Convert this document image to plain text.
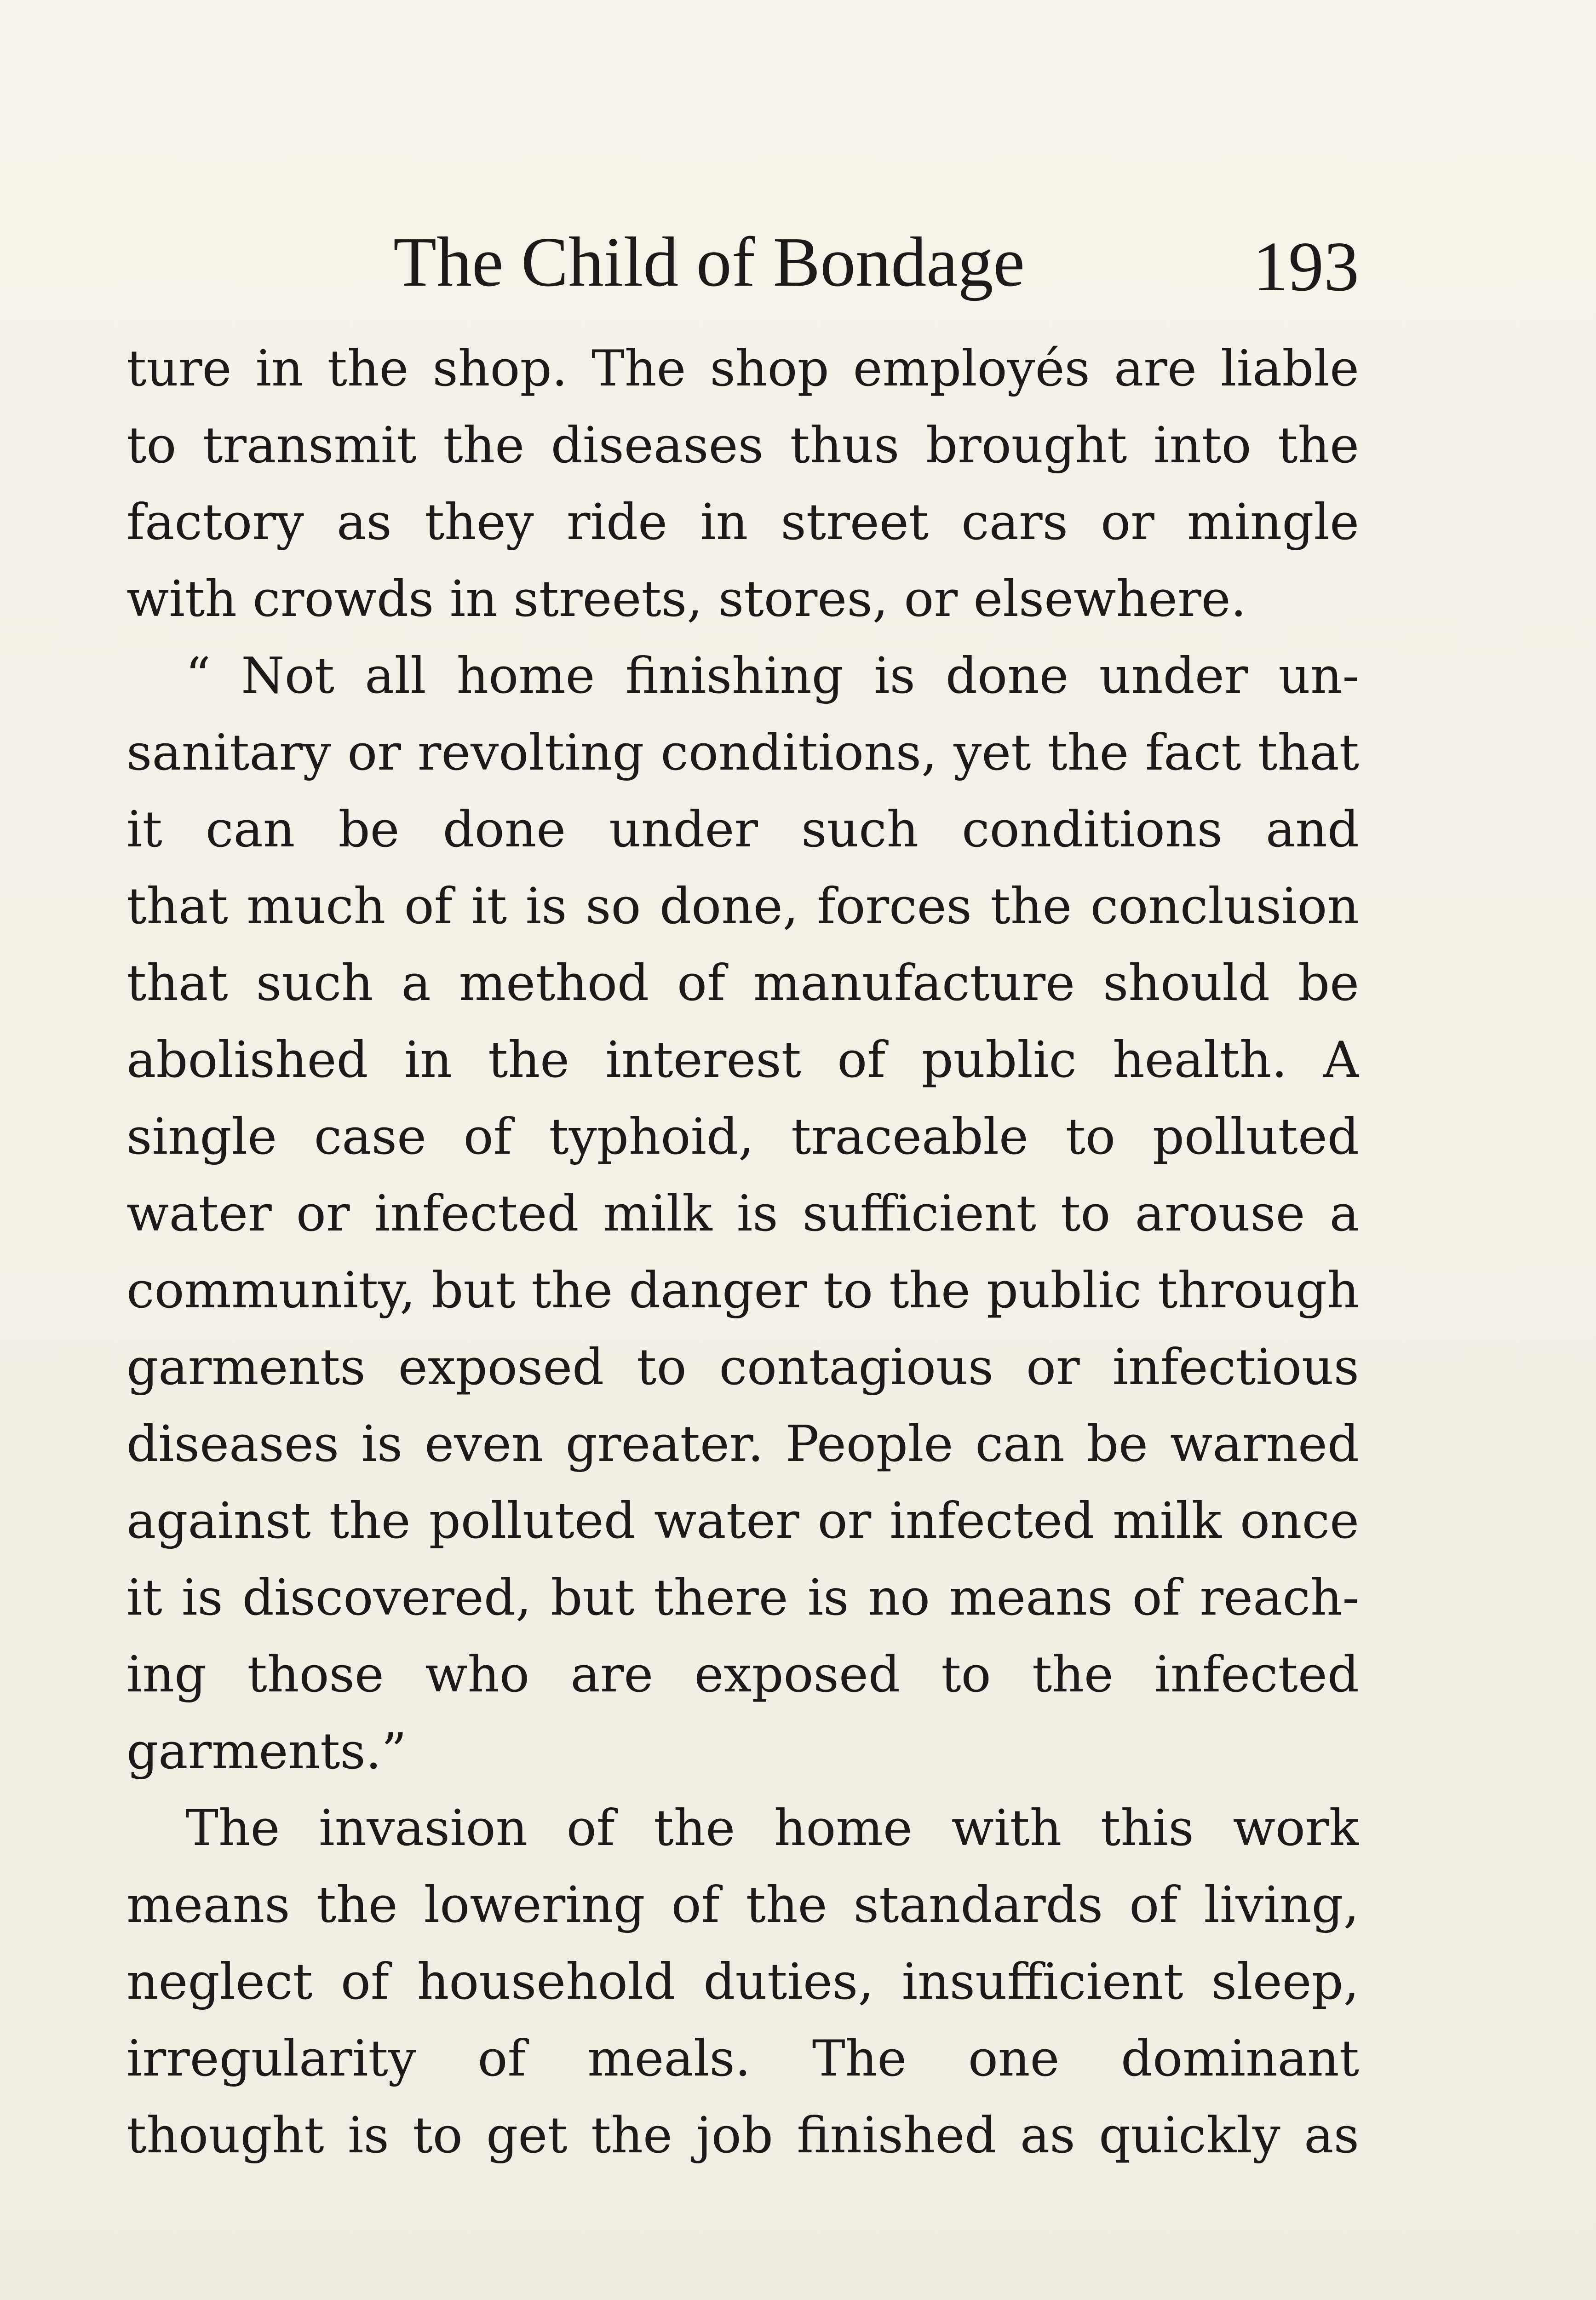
The Child of Bondage	193
ture in the shop. The shop employés are liable
to transmit the diseases thus brought into the
factory as they ride in street cars or mingle
with crowds in streets, stores, or elsewhere.
“ Not all home finishing is done under un-
sanitary or revolting conditions, yet the fact that
it can be done under such conditions and
that much of it is so done, forces the conclusion
that such a method of manufacture should be
abolished in the interest of public health. A
single case of typhoid, traceable to polluted
water or infected milk is sufficient to arouse a
community, but the danger to the public through
garments exposed to contagious or infectious
diseases is even greater. People can be warned
against the polluted water or infected milk once
it is discovered, but there is no means of reach-
ing those who are exposed to the infected
garments.”
The invasion of the home with this work
means the lowering of the standards of living,
neglect of household duties, insufficient sleep,
irregularity of meals. The one dominant
thought is to get the job finished as quickly as
